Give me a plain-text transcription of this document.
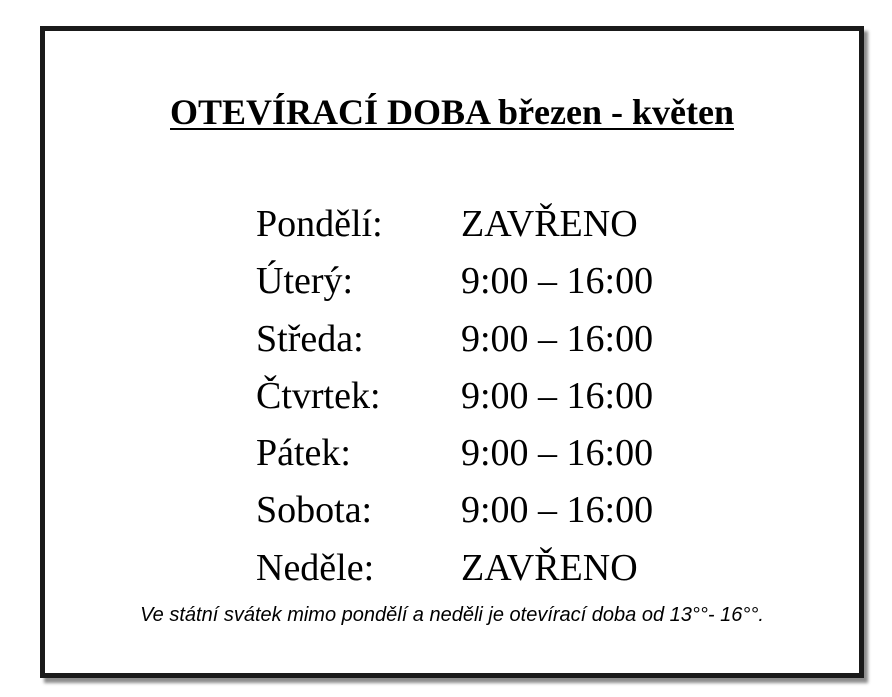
OTEVÍRACÍ DOBA březen - květen
Pondělí: ZAVŘENO
Úterý:	9:00 – 16:00
Středa:	9:00 – 16:00
Čtvrtek: 9:00 – 16:00
Pátek:	9:00 – 16:00
Sobota: 9:00 – 16:00
Neděle: ZAVŘENO
Ve státní svátek mimo pondělí a neděli je otevírací doba od 13°°- 16°°.
